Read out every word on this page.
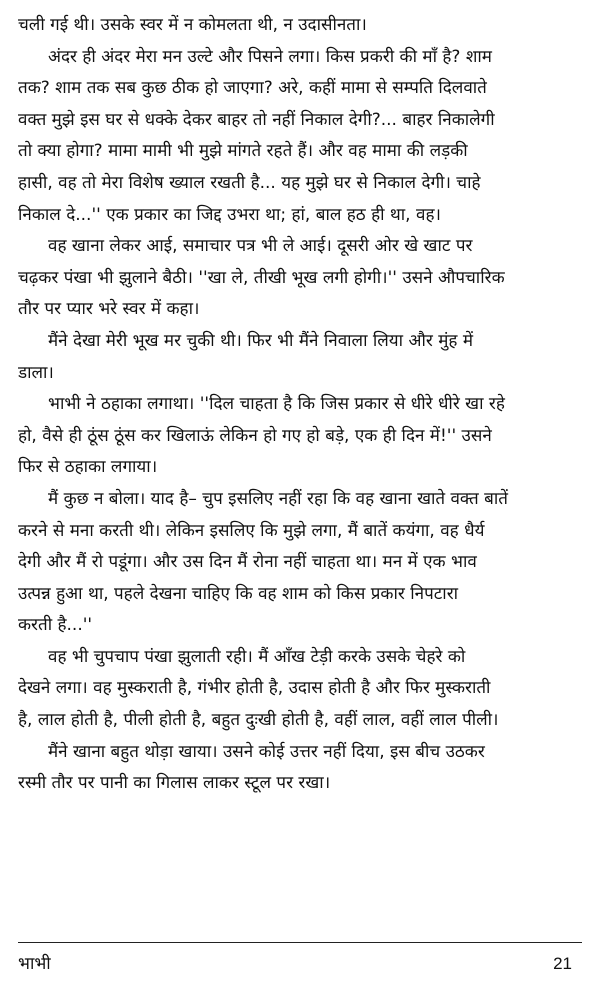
चली गई थी। उसके स्वर में न कोमलता थी, न उदासीनता।
अंदर ही अंदर मेरा मन उल्टे और पिसने लगा। किस प्रकरी की माँ है? शाम
तक? शाम तक सब कुछ ठीक हो जाएगा? अरे, कहीं मामा से सम्पति दिलवाते
वक्त मुझे इस घर से धक्के देकर बाहर तो नहीं निकाल देगी?... बाहर निकालेगी
तो क्या होगा? मामा मामी भी मुझे मांगते रहते हैं। और वह मामा की लड़की
हासी, वह तो मेरा विशेष ख्याल रखती है... यह मुझे घर से निकाल देगी। चाहे
निकाल दे...'' एक प्रकार का जिद्द उभरा था; हां, बाल हठ ही था, वह।
वह खाना लेकर आई, समाचार पत्र भी ले आई। दूसरी ओर खे खाट पर
चढ़कर पंखा भी झुलाने बैठी। ''खा ले, तीखी भूख लगी होगी।'' उसने औपचारिक
तौर पर प्यार भरे स्वर में कहा।
मैंने देखा मेरी भूख मर चुकी थी। फिर भी मैंने निवाला लिया और मुंह में
डाला।
भाभी ने ठहाका लगाथा। ''दिल चाहता है कि जिस प्रकार से धीरे धीरे खा रहे
हो, वैसे ही ठूंस ठूंस कर खिलाऊं लेकिन हो गए हो बड़े, एक ही दिन में!'' उसने
फिर से ठहाका लगाया।
मैं कुछ न बोला। याद है– चुप इसलिए नहीं रहा कि वह खाना खाते वक्त बातें
करने से मना करती थी। लेकिन इसलिए कि मुझे लगा, मैं बातें कयंगा, वह धैर्य
देगी और मैं रो पडूंगा। और उस दिन मैं रोना नहीं चाहता था। मन में एक भाव
उत्पन्न हुआ था, पहले देखना चाहिए कि वह शाम को किस प्रकार निपटारा
करती है...''
वह भी चुपचाप पंखा झुलाती रही। मैं आँख टेड़ी करके उसके चेहरे को
देखने लगा। वह मुस्कराती है, गंभीर होती है, उदास होती है और फिर मुस्कराती
है, लाल होती है, पीली होती है, बहुत दुःखी होती है, वहीं लाल, वहीं लाल पीली।
मैंने खाना बहुत थोड़ा खाया। उसने कोई उत्तर नहीं दिया, इस बीच उठकर
रस्मी तौर पर पानी का गिलास लाकर स्टूल पर रखा।
भाभी	21
